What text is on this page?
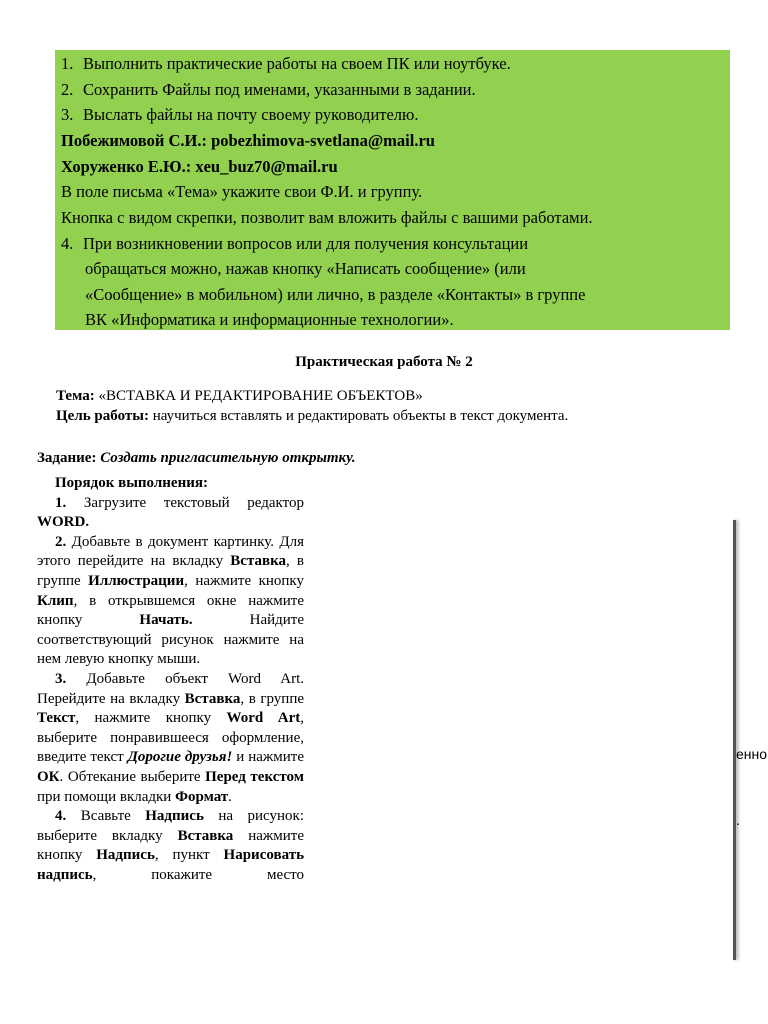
1. Выполнить практические работы на своем ПК или ноутбуке.
2. Сохранить Файлы под именами, указанными в задании.
3. Выслать файлы на почту своему руководителю.
Побежимовой С.И.: pobezhimova-svetlana@mail.ru
Хоруженко Е.Ю.: xeu_buz70@mail.ru
В поле письма «Тема» укажите свои Ф.И. и группу.
Кнопка с видом скрепки, позволит вам вложить файлы с вашими работами.
4. При возникновении вопросов или для получения консультации
обращаться можно, нажав кнопку «Написать сообщение» (или
«Сообщение» в мобильном) или лично, в разделе «Контакты» в группе
ВК «Информатика и информационные технологии».
Практическая работа № 2
Тема: «ВСТАВКА И РЕДАКТИРОВАНИЕ ОБЪЕКТОВ»
Цель работы: научиться вставлять и редактировать объекты в текст документа.
Задание: Создать пригласительную открытку.
Порядок выполнения:

1. Загрузите текстовый редактор WORD.

2. Добавьте в документ картинку. Для этого перейдите на вкладку Вставка, в группе Иллюстрации, нажмите кнопку Клип, в открывшемся окне нажмите кнопку Начать. Найдите соответствующий рисунок нажмите на нем левую кнопку мыши.

3. Добавьте объект Word Art. Перейдите на вкладку Вставка, в группе Текст, нажмите кнопку Word Art, выберите понравившееся оформление, введите текст Дорогие друзья! и нажмите ОК. Обтекание выберите Перед текстом при помощи вкладки Формат.

4. Всавьте Надпись на рисунок: выберите вкладку Вставка нажмите кнопку Надпись, пункт Нарисовать надпись, покажите место

енно
.
